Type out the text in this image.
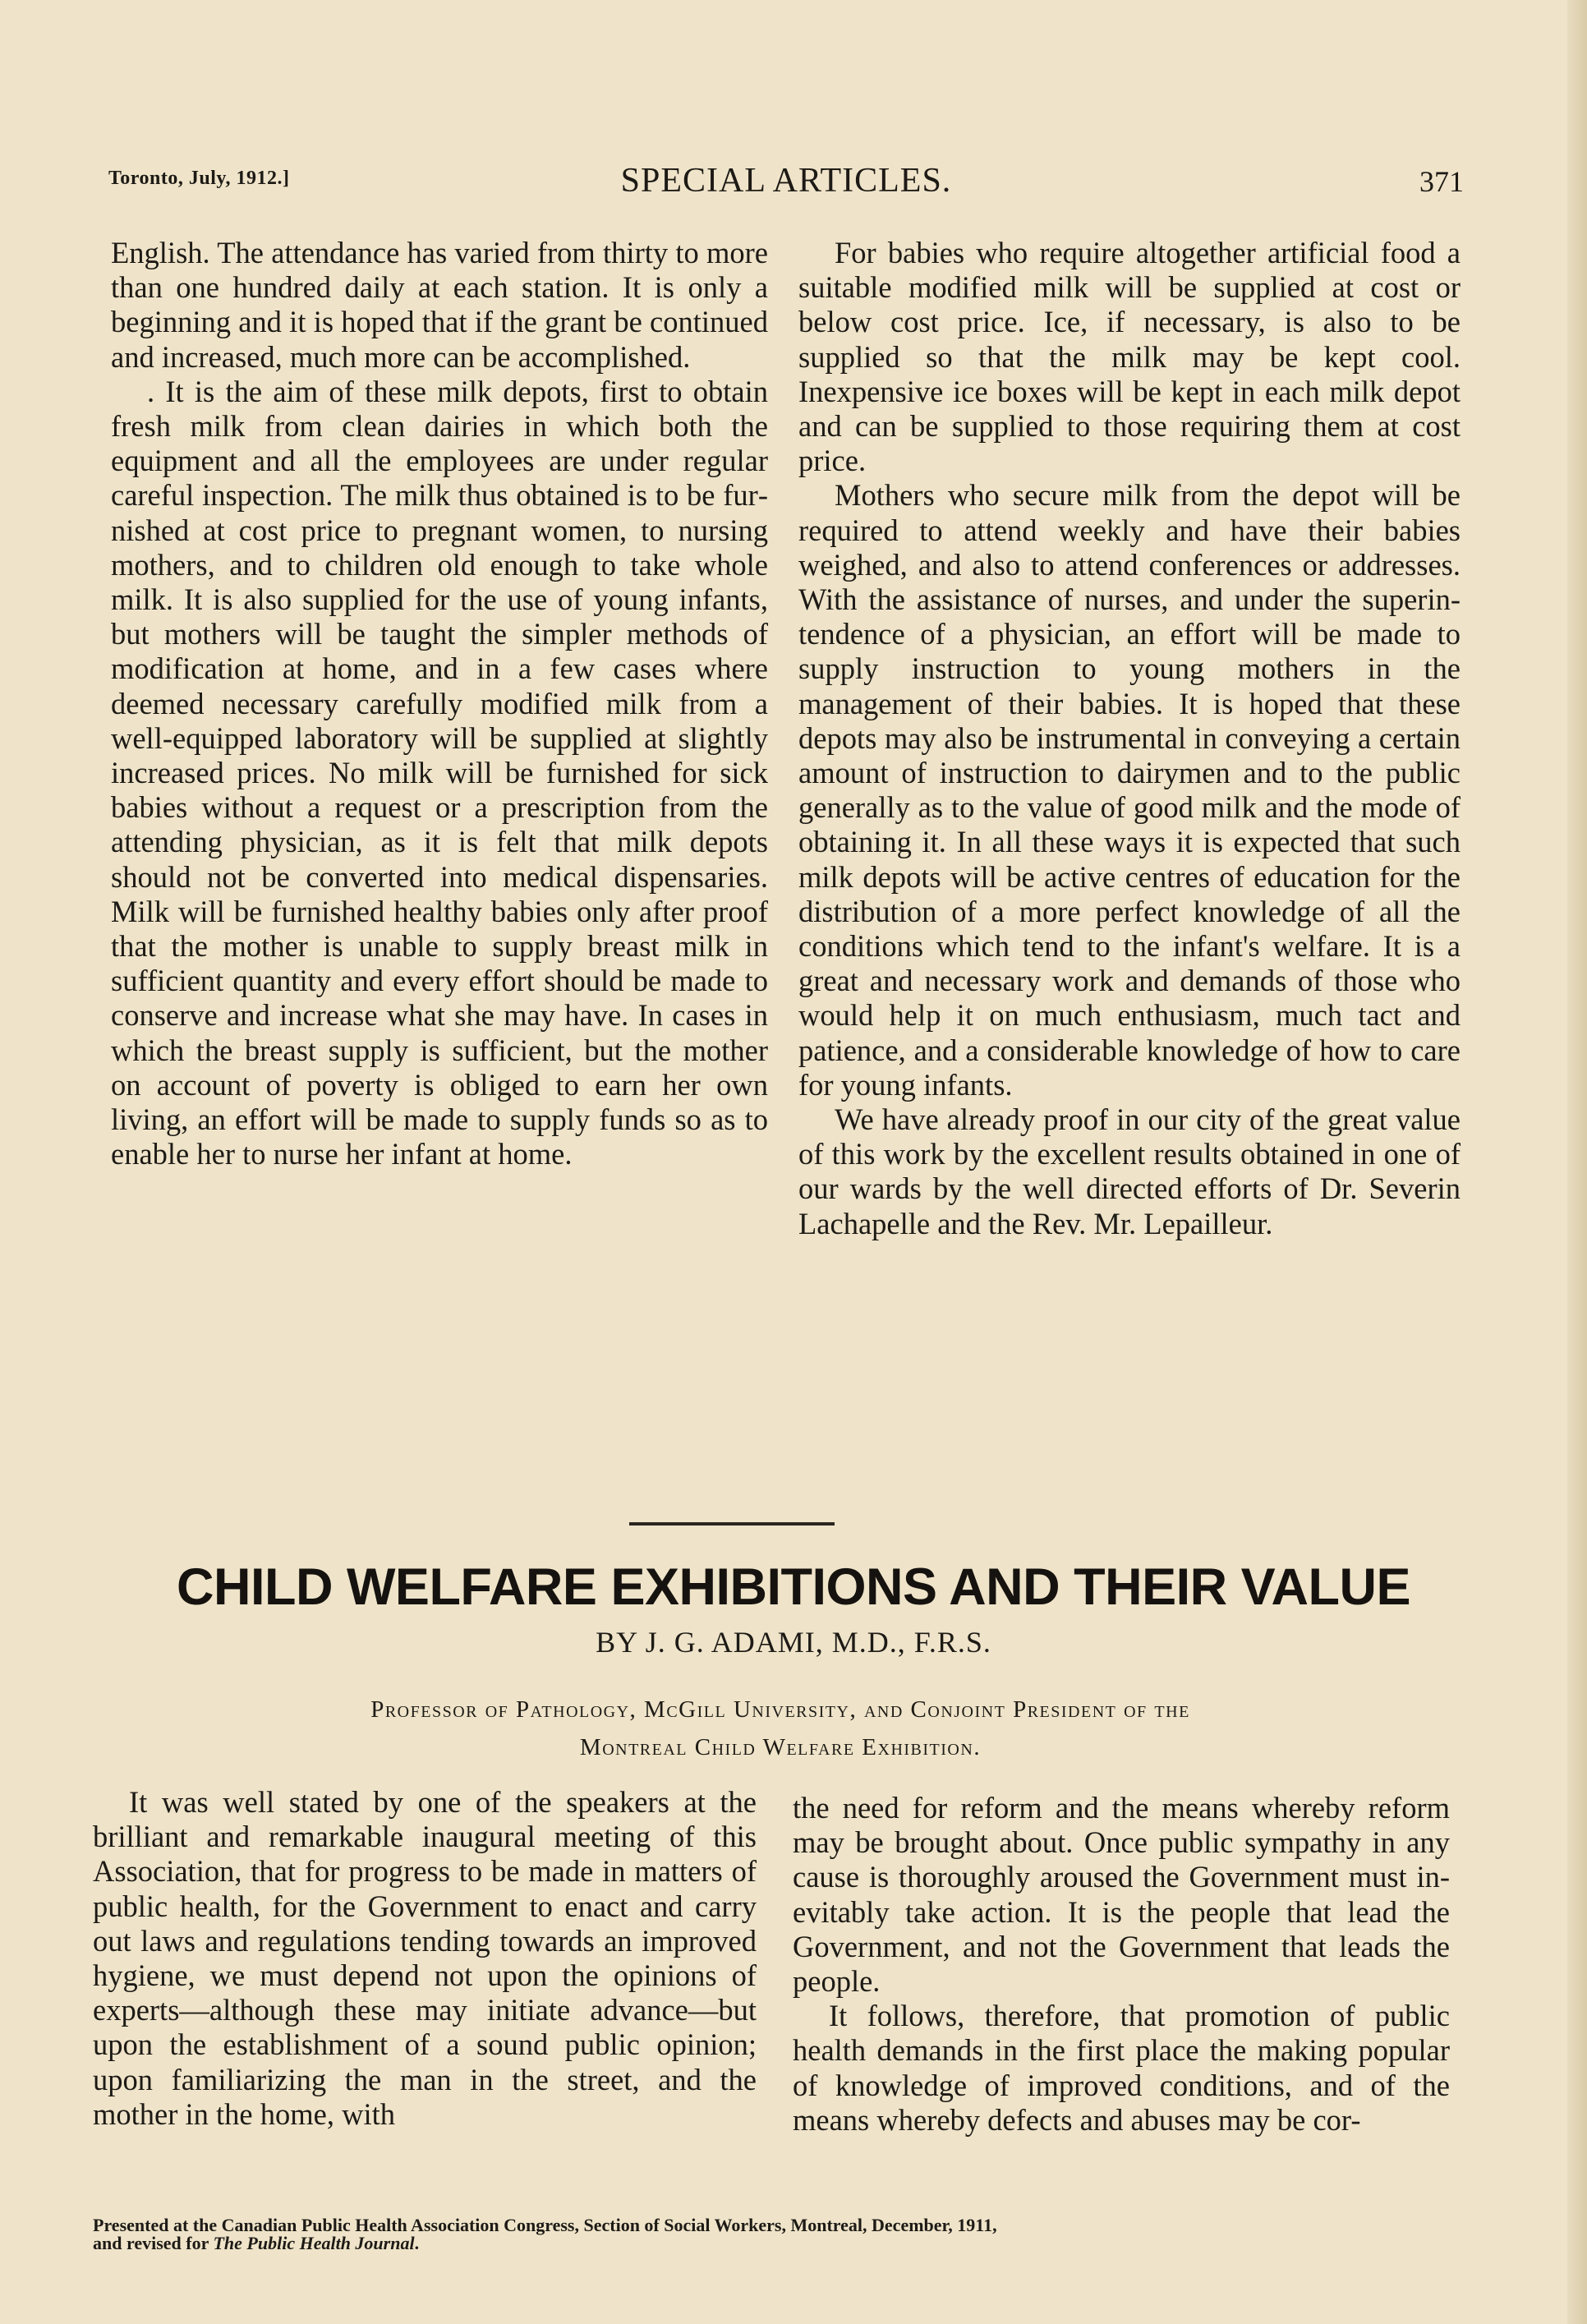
Toronto, July, 1912.]	SPECIAL ARTICLES.	371

English. The attendance has varied from thirty to more than one hundred daily at each station. It is only a beginning and it is hoped that if the grant be continued and increased, much more can be accomplished.

. It is the aim of these milk depots, first to obtain fresh milk from clean dairies in which both the equipment and all the employees are under regular careful inspection. The milk thus obtained is to be furnished at cost price to pregnant women, to nursing mothers, and to children old enough to take whole milk. It is also supplied for the use of young infants, but mothers will be taught the simpler methods of modification at home, and in a few cases where deemed necessary carefully modified milk from a well-equipped laboratory will be supplied at slightly increased prices. No milk will be furnished for sick babies without a request or a prescription from the attending physician, as it is felt that milk depots should not be converted into medical dispensaries. Milk will be furnished healthy babies only after proof that the mother is unable to supply breast milk in sufficient quantity and every effort should be made to conserve and increase what she may have. In cases in which the breast supply is sufficient, but the mother on account of poverty is obliged to earn her own living, an effort will be made to supply funds so as to enable her to nurse her infant at home.

For babies who require altogether artificial food a suitable modified milk will be supplied at cost or below cost price. Ice, if necessary, is also to be supplied so that the milk may be kept cool. Inexpensive ice boxes will be kept in each milk depot and can be supplied to those requiring them at cost price.

Mothers who secure milk from the depot will be required to attend weekly and have their babies weighed, and also to attend conferences or addresses. With the assistance of nurses, and under the superintendence of a physician, an effort will be made to supply instruction to young mothers in the management of their babies. It is hoped that these depots may also be instrumental in conveying a certain amount of instruction to dairymen and to the public generally as to the value of good milk and the mode of obtaining it. In all these ways it is expected that such milk depots will be active centres of education for the distribution of a more perfect knowledge of all the conditions which tend to the infant's welfare. It is a great and necessary work and demands of those who would help it on much enthusiasm, much tact and patience, and a considerable knowledge of how to care for young infants.

We have already proof in our city of the great value of this work by the excellent results obtained in one of our wards by the well directed efforts of Dr. Severin Lachapelle and the Rev. Mr. Lepailleur.

CHILD WELFARE EXHIBITIONS AND THEIR VALUE
BY J. G. ADAMI, M.D., F.R.S.
Professor of Pathology, McGill University, and Conjoint President of the
Montreal Child Welfare Exhibition.

It was well stated by one of the speakers at the brilliant and remarkable inaugural meeting of this Association, that for progress to be made in matters of public health, for the Government to enact and carry out laws and regulations tending towards an improved hygiene, we must depend not upon the opinions of experts—although these may initiate advance—but upon the establishment of a sound public opinion; upon familiarizing the man in the street, and the mother in the home, with

the need for reform and the means whereby reform may be brought about. Once public sympathy in any cause is thoroughly aroused the Government must inevitably take action. It is the people that lead the Government, and not the Government that leads the people.

It follows, therefore, that promotion of public health demands in the first place the making popular of knowledge of improved conditions, and of the means whereby defects and abuses may be cor-

Presented at the Canadian Public Health Association Congress, Section of Social Workers, Montreal, December, 1911,
and revised for The Public Health Journal.
